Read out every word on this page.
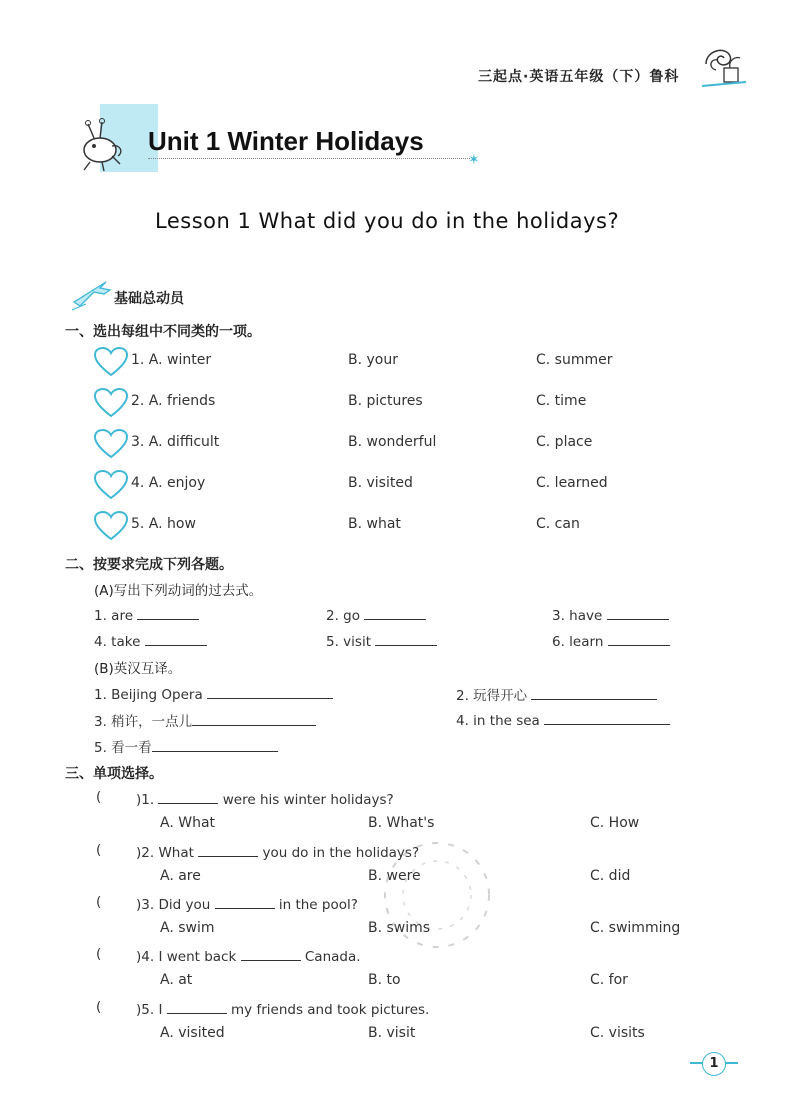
三起点·英语五年级（下）鲁科
Unit 1 Winter Holidays
✶
Lesson 1 What did you do in the holidays?
基础总动员
一、选出每组中不同类的一项。
1. A. winter	B. your	C. summer
2. A. friends	B. pictures	C. time
3. A. difficult	B. wonderful	C. place
4. A. enjoy	B. visited	C. learned
5. A. how	B. what	C. can
二、按要求完成下列各题。
(A)写出下列动词的过去式。
1. are	2. go	3. have
4. take	5. visit	6. learn
(B)英汉互译。
1. Beijing Opera	2. 玩得开心
3. 稍许，一点儿	4. in the sea
5. 看一看
三、单项选择。
(	)1.	were his winter holidays?
A. What	B. What's	C. How
(	)2. What	you do in the holidays?
A. are	B. were	C. did
(	)3. Did you	in the pool?
A. swim	B. swims	C. swimming
(	)4. I went back	Canada.
A. at	B. to	C. for
(	)5. I	my friends and took pictures.
A. visited	B. visit	C. visits
1
